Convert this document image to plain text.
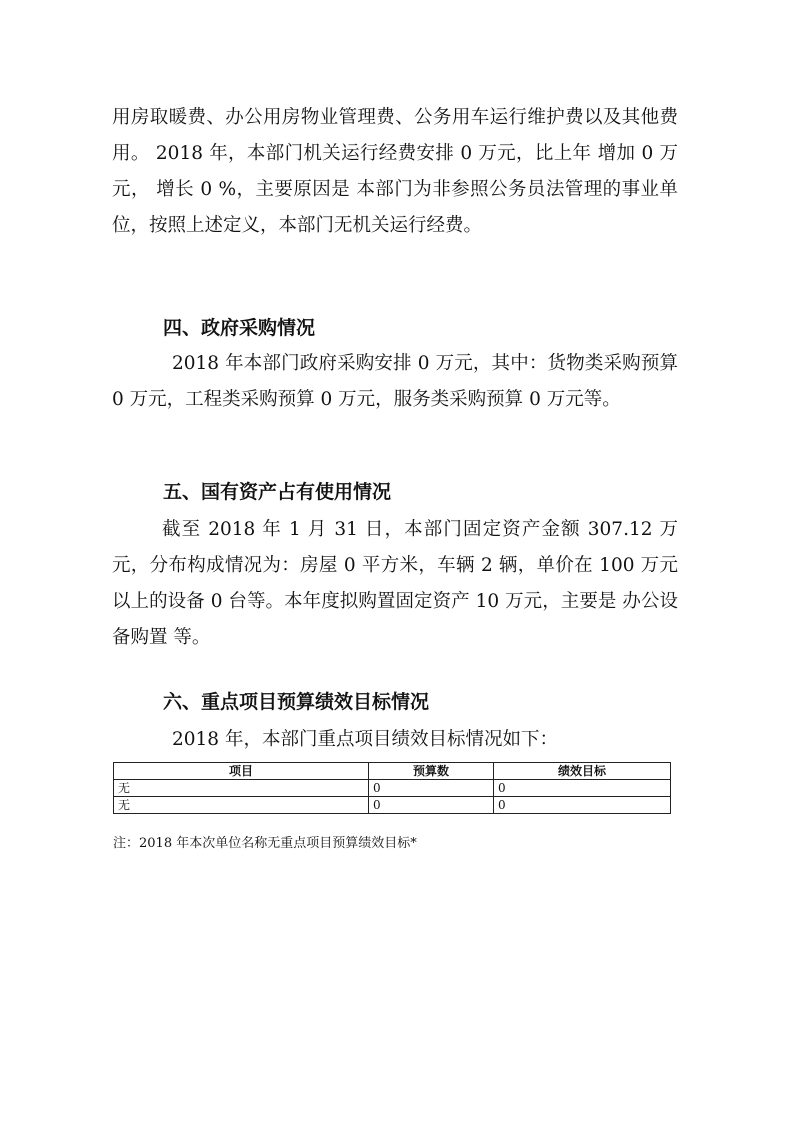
用房取暖费、办公用房物业管理费、公务用车运行维护费以及其他费用。 2018 年，本部门机关运行经费安排 0 万元，比上年 增加 0 万元， 增长 0 %，主要原因是 本部门为非参照公务员法管理的事业单位，按照上述定义，本部门无机关运行经费。

四、政府采购情况

2018 年本部门政府采购安排 0 万元，其中：货物类采购预算 0 万元，工程类采购预算 0 万元，服务类采购预算 0 万元等。

五、国有资产占有使用情况

截至 2018 年 1 月 31 日，本部门固定资产金额 307.12 万元，分布构成情况为：房屋 0 平方米，车辆 2 辆，单价在 100 万元以上的设备 0 台等。本年度拟购置固定资产 10 万元，主要是 办公设备购置 等。

六、重点项目预算绩效目标情况

2018 年，本部门重点项目绩效目标情况如下：

项目	预算数	绩效目标
无	0	0
无	0	0

注：2018 年本次单位名称无重点项目预算绩效目标*
